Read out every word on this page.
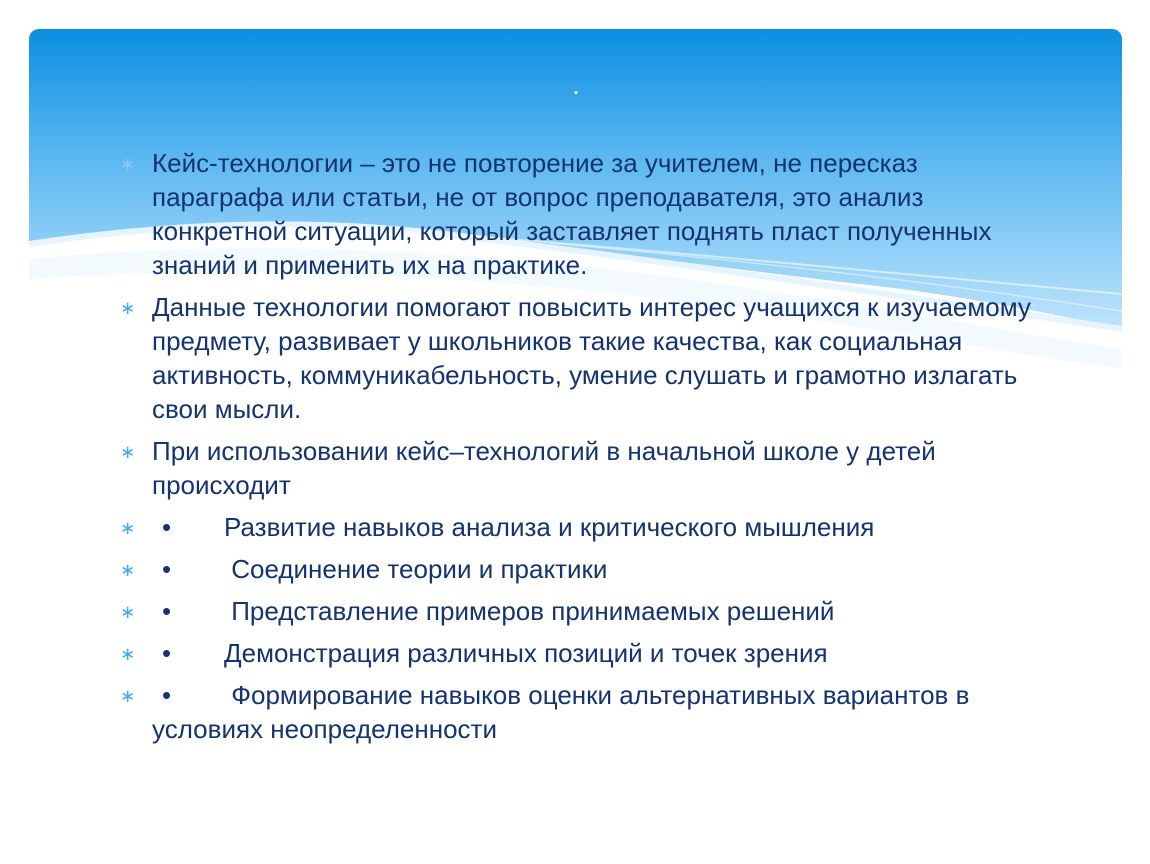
.
∗ Кейс-технологии – это не повторение за учителем, не пересказ параграфа или статьи, не от вопрос преподавателя, это анализ конкретной ситуации, который заставляет поднять пласт полученных знаний и применить их на практике.
∗ Данные технологии помогают повысить интерес учащихся к изучаемому предмету, развивает у школьников такие качества, как социальная активность, коммуникабельность, умение слушать и грамотно излагать свои мысли.
∗ При использовании кейс–технологий в начальной школе у детей происходит
∗ • Развитие навыков анализа и критического мышления
∗ • Соединение теории и практики
∗ • Представление примеров принимаемых решений
∗ • Демонстрация различных позиций и точек зрения
∗ • Формирование навыков оценки альтернативных вариантов в условиях неопределенности
